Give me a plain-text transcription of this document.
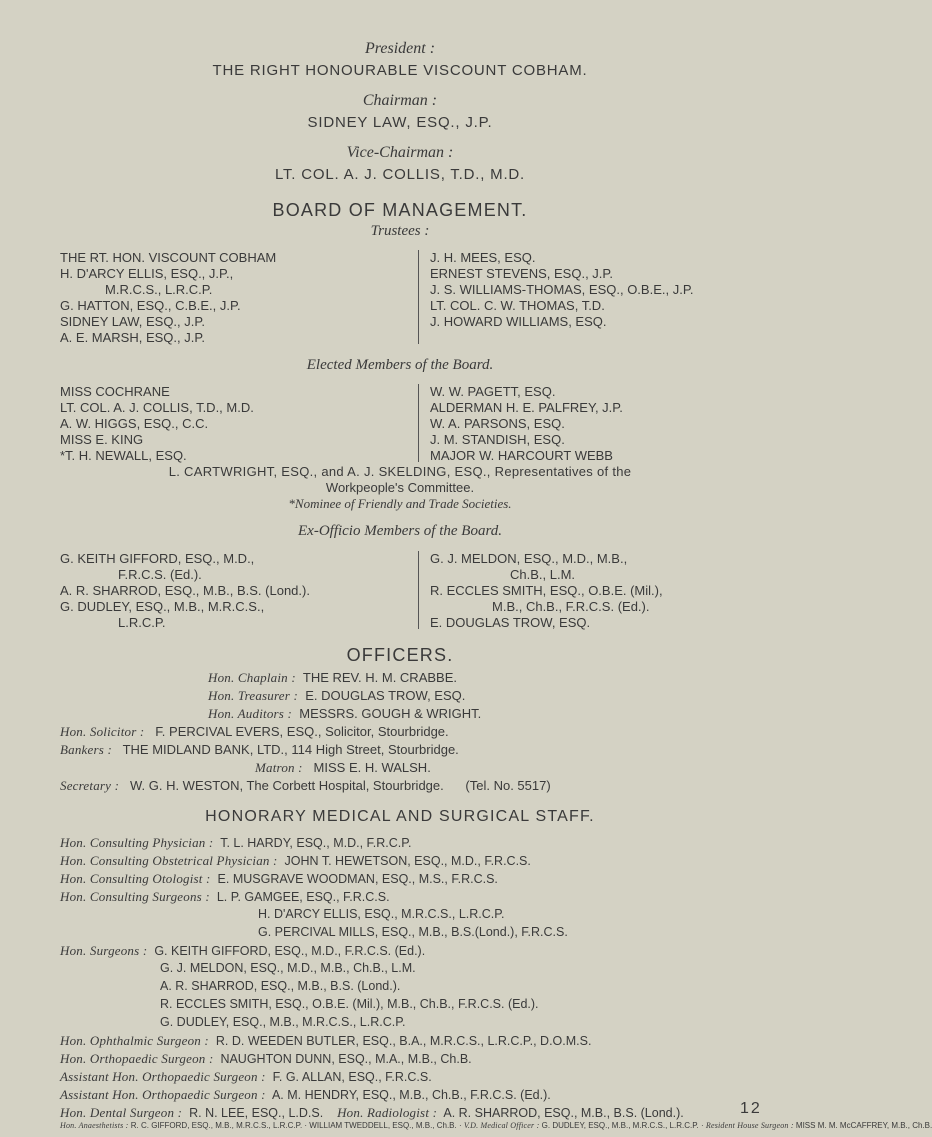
President :
THE RIGHT HONOURABLE VISCOUNT COBHAM.
Chairman :
SIDNEY LAW, ESQ., J.P.
Vice-Chairman :
LT. COL. A. J. COLLIS, T.D., M.D.
BOARD OF MANAGEMENT.
Trustees :
THE RT. HON. VISCOUNT COBHAM
H. D'ARCY ELLIS, ESQ., J.P.,
M.R.C.S., L.R.C.P.
G. HATTON, ESQ., C.B.E., J.P.
SIDNEY LAW, ESQ., J.P.
A. E. MARSH, ESQ., J.P.
J. H. MEES, ESQ.
ERNEST STEVENS, ESQ., J.P.
J. S. WILLIAMS-THOMAS, ESQ., O.B.E., J.P.
LT. COL. C. W. THOMAS, T.D.
J. HOWARD WILLIAMS, ESQ.
Elected Members of the Board.
MISS COCHRANE
LT. COL. A. J. COLLIS, T.D., M.D.
A. W. HIGGS, ESQ., C.C.
MISS E. KING
*T. H. NEWALL, ESQ.
W. W. PAGETT, ESQ.
ALDERMAN H. E. PALFREY, J.P.
W. A. PARSONS, ESQ.
J. M. STANDISH, ESQ.
MAJOR W. HARCOURT WEBB
L. CARTWRIGHT, ESQ., and A. J. SKELDING, ESQ., Representatives of the
Workpeople's Committee.
*Nominee of Friendly and Trade Societies.
Ex-Officio Members of the Board.
G. KEITH GIFFORD, ESQ., M.D.,
F.R.C.S. (Ed.).
A. R. SHARROD, ESQ., M.B., B.S. (Lond.).
G. DUDLEY, ESQ., M.B., M.R.C.S.,
L.R.C.P.
G. J. MELDON, ESQ., M.D., M.B.,
Ch.B., L.M.
R. ECCLES SMITH, ESQ., O.B.E. (Mil.),
M.B., Ch.B., F.R.C.S. (Ed.).
E. DOUGLAS TROW, ESQ.
OFFICERS.
Hon. Chaplain : THE REV. H. M. CRABBE.
Hon. Treasurer : E. DOUGLAS TROW, ESQ.
Hon. Auditors : MESSRS. GOUGH & WRIGHT.
Hon. Solicitor : F. PERCIVAL EVERS, ESQ., Solicitor, Stourbridge.
Bankers : THE MIDLAND BANK, LTD., 114 High Street, Stourbridge.
Matron : MISS E. H. WALSH.
Secretary : W. G. H. WESTON, The Corbett Hospital, Stourbridge.      (Tel. No. 5517)
HONORARY MEDICAL AND SURGICAL STAFF.
Hon. Consulting Physician : T. L. HARDY, ESQ., M.D., F.R.C.P.
Hon. Consulting Obstetrical Physician : JOHN T. HEWETSON, ESQ., M.D., F.R.C.S.
Hon. Consulting Otologist : E. MUSGRAVE WOODMAN, ESQ., M.S., F.R.C.S.
Hon. Consulting Surgeons : L. P. GAMGEE, ESQ., F.R.C.S.
H. D'ARCY ELLIS, ESQ., M.R.C.S., L.R.C.P.
G. PERCIVAL MILLS, ESQ., M.B., B.S.(Lond.), F.R.C.S.
Hon. Surgeons : G. KEITH GIFFORD, ESQ., M.D., F.R.C.S. (Ed.).
G. J. MELDON, ESQ., M.D., M.B., Ch.B., L.M.
A. R. SHARROD, ESQ., M.B., B.S. (Lond.).
R. ECCLES SMITH, ESQ., O.B.E. (Mil.), M.B., Ch.B., F.R.C.S. (Ed.).
G. DUDLEY, ESQ., M.B., M.R.C.S., L.R.C.P.
Hon. Ophthalmic Surgeon : R. D. WEEDEN BUTLER, ESQ., B.A., M.R.C.S., L.R.C.P., D.O.M.S.
Hon. Orthopaedic Surgeon : NAUGHTON DUNN, ESQ., M.A., M.B., Ch.B.
Assistant Hon. Orthopaedic Surgeon : F. G. ALLAN, ESQ., F.R.C.S.
Assistant Hon. Orthopaedic Surgeon : A. M. HENDRY, ESQ., M.B., Ch.B., F.R.C.S. (Ed.).
Hon. Dental Surgeon : R. N. LEE, ESQ., L.D.S. Hon. Radiologist : A. R. SHARROD, ESQ., M.B., B.S. (Lond.).
Hon. Anaesthetists : R. C. GIFFORD, ESQ., M.B., M.R.C.S., L.R.C.P. · WILLIAM TWEDDELL, ESQ., M.B., Ch.B. · V.D. Medical Officer : G. DUDLEY, ESQ., M.B., M.R.C.S., L.R.C.P. · Resident House Surgeon : MISS M. M. McCAFFREY, M.B., Ch.B.
12
